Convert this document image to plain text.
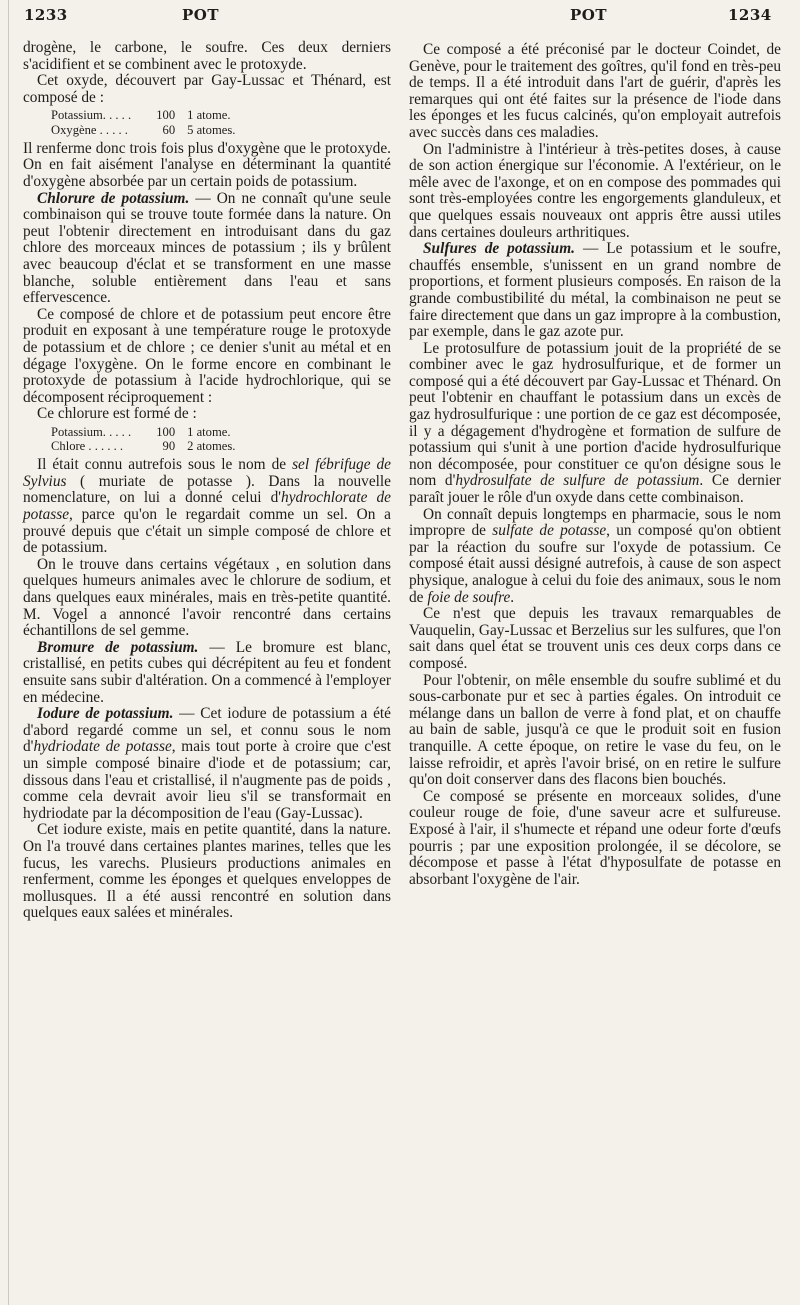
1233	POT	POT	1234

drogène, le carbone, le soufre. Ces deux derniers s'acidifient et se combinent avec le protoxyde.

Cet oxyde, découvert par Gay-Lussac et Thénard, est composé de :

Potassium. . . . .	100	1 atome.
Oxygène . . . . .	60	5 atomes.

Il renferme donc trois fois plus d'oxygène que le protoxyde. On en fait aisément l'analyse en déterminant la quantité d'oxygène absorbée par un certain poids de potassium.

Chlorure de potassium. — On ne connaît qu'une seule combinaison qui se trouve toute formée dans la nature. On peut l'obtenir directement en introduisant dans du gaz chlore des morceaux minces de potassium ; ils y brûlent avec beaucoup d'éclat et se transforment en une masse blanche, soluble entièrement dans l'eau et sans effervescence.

Ce composé de chlore et de potassium peut encore être produit en exposant à une température rouge le protoxyde de potassium et de chlore ; ce denier s'unit au métal et en dégage l'oxygène. On le forme encore en combinant le protoxyde de potassium à l'acide hydrochlorique, qui se décomposent réciproquement :

Ce chlorure est formé de :

Potassium. . . . .	100	1 atome.
Chlore . . . . . .	90	2 atomes.

Il était connu autrefois sous le nom de sel fébrifuge de Sylvius ( muriate de potasse ). Dans la nouvelle nomenclature, on lui a donné celui d'hydrochlorate de potasse, parce qu'on le regardait comme un sel. On a prouvé depuis que c'était un simple composé de chlore et de potassium.

On le trouve dans certains végétaux , en solution dans quelques humeurs animales avec le chlorure de sodium, et dans quelques eaux minérales, mais en très-petite quantité. M. Vogel a annoncé l'avoir rencontré dans certains échantillons de sel gemme.

Bromure de potassium. — Le bromure est blanc, cristallisé, en petits cubes qui décrépitent au feu et fondent ensuite sans subir d'altération. On a commencé à l'employer en médecine.

Iodure de potassium. — Cet iodure de potassium a été d'abord regardé comme un sel, et connu sous le nom d'hydriodate de potasse, mais tout porte à croire que c'est un simple composé binaire d'iode et de potassium; car, dissous dans l'eau et cristallisé, il n'augmente pas de poids , comme cela devrait avoir lieu s'il se transformait en hydriodate par la décomposition de l'eau (Gay-Lussac).

Cet iodure existe, mais en petite quantité, dans la nature. On l'a trouvé dans certaines plantes marines, telles que les fucus, les varechs. Plusieurs productions animales en renferment, comme les éponges et quelques enveloppes de mollusques. Il a été aussi rencontré en solution dans quelques eaux salées et minérales.

Ce composé a été préconisé par le docteur Coindet, de Genève, pour le traitement des goîtres, qu'il fond en très-peu de temps. Il a été introduit dans l'art de guérir, d'après les remarques qui ont été faites sur la présence de l'iode dans les éponges et les fucus calcinés, qu'on employait autrefois avec succès dans ces maladies.

On l'administre à l'intérieur à très-petites doses, à cause de son action énergique sur l'économie. A l'extérieur, on le mêle avec de l'axonge, et on en compose des pommades qui sont très-employées contre les engorgements glanduleux, et que quelques essais nouveaux ont appris être aussi utiles dans certaines douleurs arthritiques.

Sulfures de potassium. — Le potassium et le soufre, chauffés ensemble, s'unissent en un grand nombre de proportions, et forment plusieurs composés. En raison de la grande combustibilité du métal, la combinaison ne peut se faire directement que dans un gaz impropre à la combustion, par exemple, dans le gaz azote pur.

Le protosulfure de potassium jouit de la propriété de se combiner avec le gaz hydrosulfurique, et de former un composé qui a été découvert par Gay-Lussac et Thénard. On peut l'obtenir en chauffant le potassium dans un excès de gaz hydrosulfurique : une portion de ce gaz est décomposée, il y a dégagement d'hydrogène et formation de sulfure de potassium qui s'unit à une portion d'acide hydrosulfurique non décomposée, pour constituer ce qu'on désigne sous le nom d'hydrosulfate de sulfure de potassium. Ce dernier paraît jouer le rôle d'un oxyde dans cette combinaison.

On connaît depuis longtemps en pharmacie, sous le nom impropre de sulfate de potasse, un composé qu'on obtient par la réaction du soufre sur l'oxyde de potassium. Ce composé était aussi désigné autrefois, à cause de son aspect physique, analogue à celui du foie des animaux, sous le nom de foie de soufre.

Ce n'est que depuis les travaux remarquables de Vauquelin, Gay-Lussac et Berzelius sur les sulfures, que l'on sait dans quel état se trouvent unis ces deux corps dans ce composé.

Pour l'obtenir, on mêle ensemble du soufre sublimé et du sous-carbonate pur et sec à parties égales. On introduit ce mélange dans un ballon de verre à fond plat, et on chauffe au bain de sable, jusqu'à ce que le produit soit en fusion tranquille. A cette époque, on retire le vase du feu, on le laisse refroidir, et après l'avoir brisé, on en retire le sulfure qu'on doit conserver dans des flacons bien bouchés.

Ce composé se présente en morceaux solides, d'une couleur rouge de foie, d'une saveur acre et sulfureuse. Exposé à l'air, il s'humecte et répand une odeur forte d'œufs pourris ; par une exposition prolongée, il se décolore, se décompose et passe à l'état d'hyposulfate de potasse en absorbant l'oxygène de l'air.
